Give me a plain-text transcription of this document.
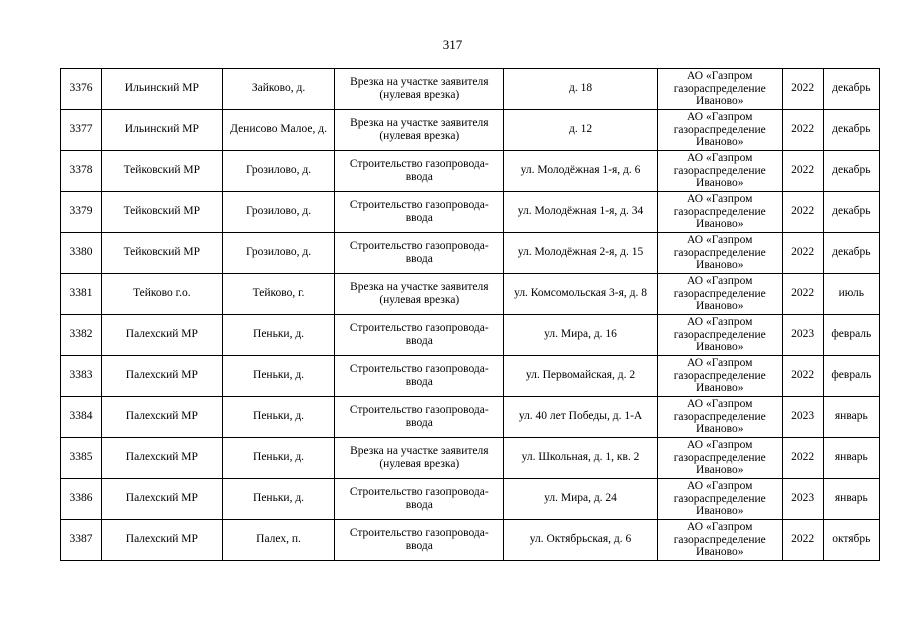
317
3376	Ильинский МР	Зайково, д.	Врезка на участке заявителя (нулевая врезка)	д. 18	АО «Газпром газораспределение Иваново»	2022	декабрь
3377	Ильинский МР	Денисово Малое, д.	Врезка на участке заявителя (нулевая врезка)	д. 12	АО «Газпром газораспределение Иваново»	2022	декабрь
3378	Тейковский МР	Грозилово, д.	Строительство газопровода-ввода	ул. Молодёжная 1-я, д. 6	АО «Газпром газораспределение Иваново»	2022	декабрь
3379	Тейковский МР	Грозилово, д.	Строительство газопровода-ввода	ул. Молодёжная 1-я, д. 34	АО «Газпром газораспределение Иваново»	2022	декабрь
3380	Тейковский МР	Грозилово, д.	Строительство газопровода-ввода	ул. Молодёжная 2-я, д. 15	АО «Газпром газораспределение Иваново»	2022	декабрь
3381	Тейково г.о.	Тейково, г.	Врезка на участке заявителя (нулевая врезка)	ул. Комсомольская 3-я, д. 8	АО «Газпром газораспределение Иваново»	2022	июль
3382	Палехский МР	Пеньки, д.	Строительство газопровода-ввода	ул. Мира, д. 16	АО «Газпром газораспределение Иваново»	2023	февраль
3383	Палехский МР	Пеньки, д.	Строительство газопровода-ввода	ул. Первомайская, д. 2	АО «Газпром газораспределение Иваново»	2022	февраль
3384	Палехский МР	Пеньки, д.	Строительство газопровода-ввода	ул. 40 лет Победы, д. 1-А	АО «Газпром газораспределение Иваново»	2023	январь
3385	Палехский МР	Пеньки, д.	Врезка на участке заявителя (нулевая врезка)	ул. Школьная, д. 1, кв. 2	АО «Газпром газораспределение Иваново»	2022	январь
3386	Палехский МР	Пеньки, д.	Строительство газопровода-ввода	ул. Мира, д. 24	АО «Газпром газораспределение Иваново»	2023	январь
3387	Палехский МР	Палех, п.	Строительство газопровода-ввода	ул. Октябрьская, д. 6	АО «Газпром газораспределение Иваново»	2022	октябрь
